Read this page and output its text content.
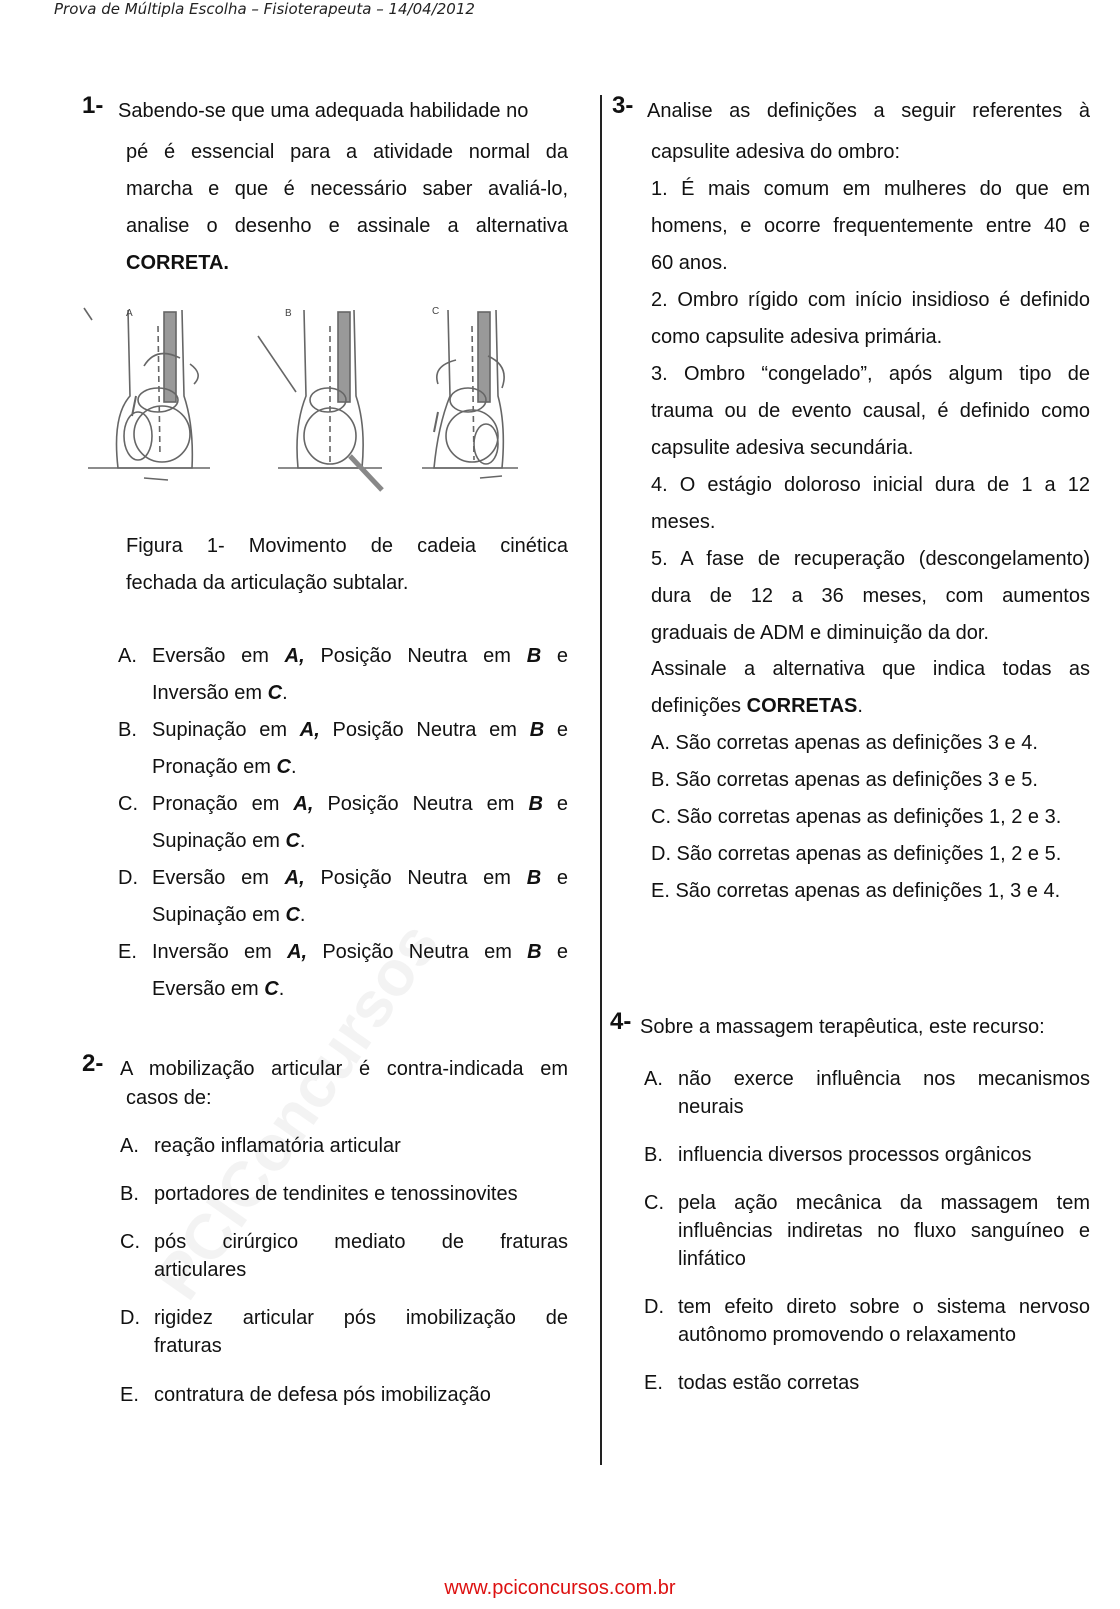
Prova de Múltipla Escolha – Fisioterapeuta – 14/04/2012
1- Sabendo-se que uma adequada habilidade no
pé é essencial para a atividade normal da
marcha e que é necessário saber avaliá-lo,
analise o desenho e assinale a alternativa
CORRETA.
A	B	C
Figura 1- Movimento de cadeia cinética
fechada da articulação subtalar.
A. Eversão em A, Posição Neutra em B e
Inversão em C.
B. Supinação em A, Posição Neutra em B e
Pronação em C.
C. Pronação em A, Posição Neutra em B e
Supinação em C.
D. Eversão em A, Posição Neutra em B e
Supinação em C.
E. Inversão em A, Posição Neutra em B e
Eversão em C.
2- A mobilização articular é contra-indicada em
casos de:
A. reação inflamatória articular
B. portadores de tendinites e tenossinovites
C. pós cirúrgico mediato de fraturas
articulares
D. rigidez articular pós imobilização de
fraturas
E. contratura de defesa pós imobilização
3- Analise as definições a seguir referentes à
capsulite adesiva do ombro:
1. É mais comum em mulheres do que em
homens, e ocorre frequentemente entre 40 e
60 anos.
2. Ombro rígido com início insidioso é definido
como capsulite adesiva primária.
3. Ombro “congelado”, após algum tipo de
trauma ou de evento causal, é definido como
capsulite adesiva secundária.
4. O estágio doloroso inicial dura de 1 a 12
meses.
5. A fase de recuperação (descongelamento)
dura de 12 a 36 meses, com aumentos
graduais de ADM e diminuição da dor.
Assinale a alternativa que indica todas as
definições CORRETAS.
A. São corretas apenas as definições 3 e 4.
B. São corretas apenas as definições 3 e 5.
C. São corretas apenas as definições 1, 2 e 3.
D. São corretas apenas as definições 1, 2 e 5.
E. São corretas apenas as definições 1, 3 e 4.
4- Sobre a massagem terapêutica, este recurso:
A. não exerce influência nos mecanismos
neurais
B. influencia diversos processos orgânicos
C. pela ação mecânica da massagem tem
influências indiretas no fluxo sanguíneo e
linfático
D. tem efeito direto sobre o sistema nervoso
autônomo promovendo o relaxamento
E. todas estão corretas
www.pciconcursos.com.br
